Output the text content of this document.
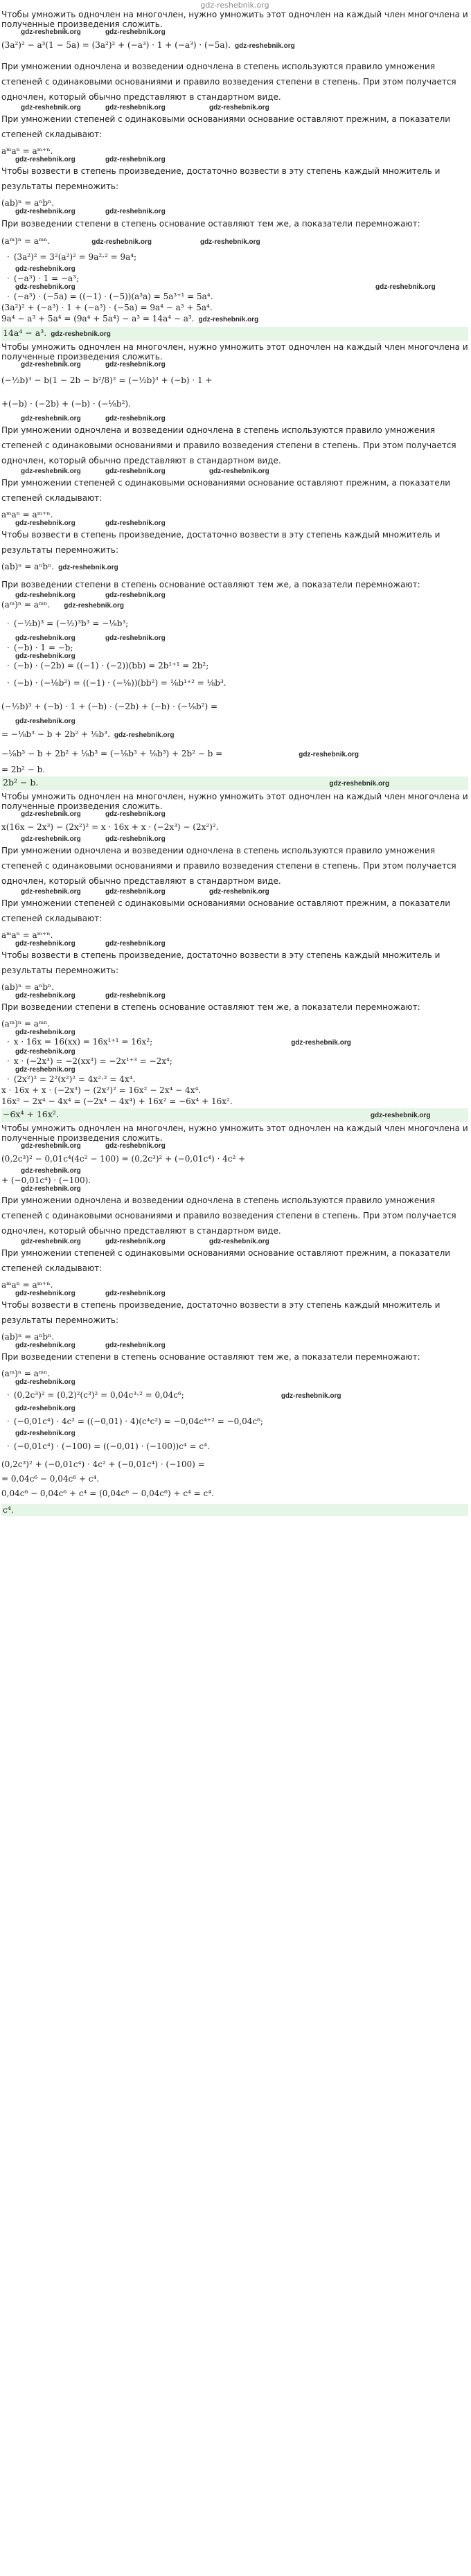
gdz-reshebnik.org

Чтобы умножить одночлен на многочлен, нужно умножить этот одночлен на каждый член многочлена и полученные произведения сложить.

gdz-reshebnik.org	gdz-reshebnik.org

(3a²)² − a³(1 − 5a) = (3a²)² + (−a³) · 1 + (−a³) · (−5a). gdz-reshebnik.org

При умножении одночлена и возведении одночлена в степень используются правило умножения степеней с одинаковыми основаниями и правило возведения степени в степень. При этом получается одночлен, который обычно представляют в стандартном виде.

gdz-reshebnik.org	gdz-reshebnik.org	gdz-reshebnik.org

При умножении степеней с одинаковыми основаниями основание оставляют прежним, а показатели степеней складывают:

aᵐaⁿ = aᵐ⁺ⁿ.

gdz-reshebnik.org	gdz-reshebnik.org

Чтобы возвести в степень произведение, достаточно возвести в эту степень каждый множитель и результаты перемножить:

(ab)ⁿ = aⁿbⁿ.

gdz-reshebnik.org	gdz-reshebnik.org

При возведении степени в степень основание оставляют тем же, а показатели перемножают:

(aᵐ)ⁿ = aᵐⁿ.	gdz-reshebnik.org	gdz-reshebnik.org

· (3a²)² = 3²(a²)² = 9a²·² = 9a⁴;

gdz-reshebnik.org

· (−a³) · 1 = −a³;

gdz-reshebnik.org	gdz-reshebnik.org

· (−a³) · (−5a) = ((−1) · (−5))(a³a) = 5a³⁺¹ = 5a⁴.

(3a²)² + (−a³) · 1 + (−a³) · (−5a) = 9a⁴ − a³ + 5a⁴.

9a⁴ − a³ + 5a⁴ = (9a⁴ + 5a⁴) − a³ = 14a⁴ − a³. gdz-reshebnik.org

14a⁴ − a³. gdz-reshebnik.org

Чтобы умножить одночлен на многочлен, нужно умножить этот одночлен на каждый член многочлена и полученные произведения сложить.

gdz-reshebnik.org	gdz-reshebnik.org

(−½b)³ − b(1 − 2b − b²/8)² = (−½b)³ + (−b) · 1 +

+(−b) · (−2b) + (−b) · (−⅛b²).

gdz-reshebnik.org	gdz-reshebnik.org

При умножении одночлена и возведении одночлена в степень используются правило умножения степеней с одинаковыми основаниями и правило возведения степени в степень. При этом получается одночлен, который обычно представляют в стандартном виде.

gdz-reshebnik.org	gdz-reshebnik.org	gdz-reshebnik.org

При умножении степеней с одинаковыми основаниями основание оставляют прежним, а показатели степеней складывают:

aᵐaⁿ = aᵐ⁺ⁿ.

gdz-reshebnik.org	gdz-reshebnik.org

Чтобы возвести в степень произведение, достаточно возвести в эту степень каждый множитель и результаты перемножить:

(ab)ⁿ = aⁿbⁿ. gdz-reshebnik.org

При возведении степени в степень основание оставляют тем же, а показатели перемножают:

gdz-reshebnik.org	gdz-reshebnik.org

(aᵐ)ⁿ = aᵐⁿ. gdz-reshebnik.org

· (−½b)³ = (−½)³b³ = −⅛b³;

gdz-reshebnik.org	gdz-reshebnik.org

· (−b) · 1 = −b;

gdz-reshebnik.org

· (−b) · (−2b) = ((−1) · (−2))(bb) = 2b¹⁺¹ = 2b²;

· (−b) · (−⅛b²) = ((−1) · (−⅛))(bb²) = ⅛b¹⁺² = ⅛b³.

(−½b)³ + (−b) · 1 + (−b) · (−2b) + (−b) · (−⅛b²) =

gdz-reshebnik.org

= −⅛b³ − b + 2b² + ⅛b³. gdz-reshebnik.org

−⅛b³ − b + 2b² + ⅛b³ = (−⅛b³ + ⅛b³) + 2b² − b =	gdz-reshebnik.org

= 2b² − b.

2b² − b.	gdz-reshebnik.org

Чтобы умножить одночлен на многочлен, нужно умножить этот одночлен на каждый член многочлена и полученные произведения сложить.

gdz-reshebnik.org	gdz-reshebnik.org

x(16x − 2x³) − (2x²)² = x · 16x + x · (−2x³) − (2x²)².

gdz-reshebnik.org	gdz-reshebnik.org

При умножении одночлена и возведении одночлена в степень используются правило умножения степеней с одинаковыми основаниями и правило возведения степени в степень. При этом получается одночлен, который обычно представляют в стандартном виде.

gdz-reshebnik.org	gdz-reshebnik.org	gdz-reshebnik.org

При умножении степеней с одинаковыми основаниями основание оставляют прежним, а показатели степеней складывают:

aᵐaⁿ = aᵐ⁺ⁿ.

gdz-reshebnik.org	gdz-reshebnik.org

Чтобы возвести в степень произведение, достаточно возвести в эту степень каждый множитель и результаты перемножить:

(ab)ⁿ = aⁿbⁿ.

gdz-reshebnik.org	gdz-reshebnik.org

При возведении степени в степень основание оставляют тем же, а показатели перемножают:

(aᵐ)ⁿ = aᵐⁿ.

gdz-reshebnik.org

· x · 16x = 16(xx) = 16x¹⁺¹ = 16x²;	gdz-reshebnik.org

gdz-reshebnik.org

· x · (−2x³) = −2(xx³) = −2x¹⁺³ = −2x⁴;

gdz-reshebnik.org

· (2x²)² = 2²(x²)² = 4x²·² = 4x⁴.

x · 16x + x · (−2x³) − (2x²)² = 16x² − 2x⁴ − 4x⁴.

16x² − 2x⁴ − 4x⁴ = (−2x⁴ − 4x⁴) + 16x² = −6x⁴ + 16x².

−6x⁴ + 16x².	gdz-reshebnik.org

Чтобы умножить одночлен на многочлен, нужно умножить этот одночлен на каждый член многочлена и полученные произведения сложить.

gdz-reshebnik.org	gdz-reshebnik.org

(0,2c³)² − 0,01c⁴(4c² − 100) = (0,2c³)² + (−0,01c⁴) · 4c² +

gdz-reshebnik.org

+ (−0,01c⁴) · (−100).

gdz-reshebnik.org

При умножении одночлена и возведении одночлена в степень используются правило умножения степеней с одинаковыми основаниями и правило возведения степени в степень. При этом получается одночлен, который обычно представляют в стандартном виде.

gdz-reshebnik.org	gdz-reshebnik.org	gdz-reshebnik.org

При умножении степеней с одинаковыми основаниями основание оставляют прежним, а показатели степеней складывают:

aᵐaⁿ = aᵐ⁺ⁿ.

gdz-reshebnik.org	gdz-reshebnik.org

Чтобы возвести в степень произведение, достаточно возвести в эту степень каждый множитель и результаты перемножить:

(ab)ⁿ = aⁿbⁿ.

gdz-reshebnik.org	gdz-reshebnik.org

При возведении степени в степень основание оставляют тем же, а показатели перемножают:

(aᵐ)ⁿ = aᵐⁿ.

gdz-reshebnik.org

· (0,2c³)² = (0,2)²(c³)² = 0,04c³·² = 0,04c⁶;	gdz-reshebnik.org

gdz-reshebnik.org

· (−0,01c⁴) · 4c² = ((−0,01) · 4)(c⁴c²) = −0,04c⁴⁺² = −0,04c⁶;

gdz-reshebnik.org

· (−0,01c⁴) · (−100) = ((−0,01) · (−100))c⁴ = c⁴.

(0,2c³)² + (−0,01c⁴) · 4c² + (−0,01c⁴) · (−100) =

= 0,04c⁶ − 0,04c⁶ + c⁴.

0,04c⁶ − 0,04c⁶ + c⁴ = (0,04c⁶ − 0,04c⁶) + c⁴ = c⁴.

c⁴.
